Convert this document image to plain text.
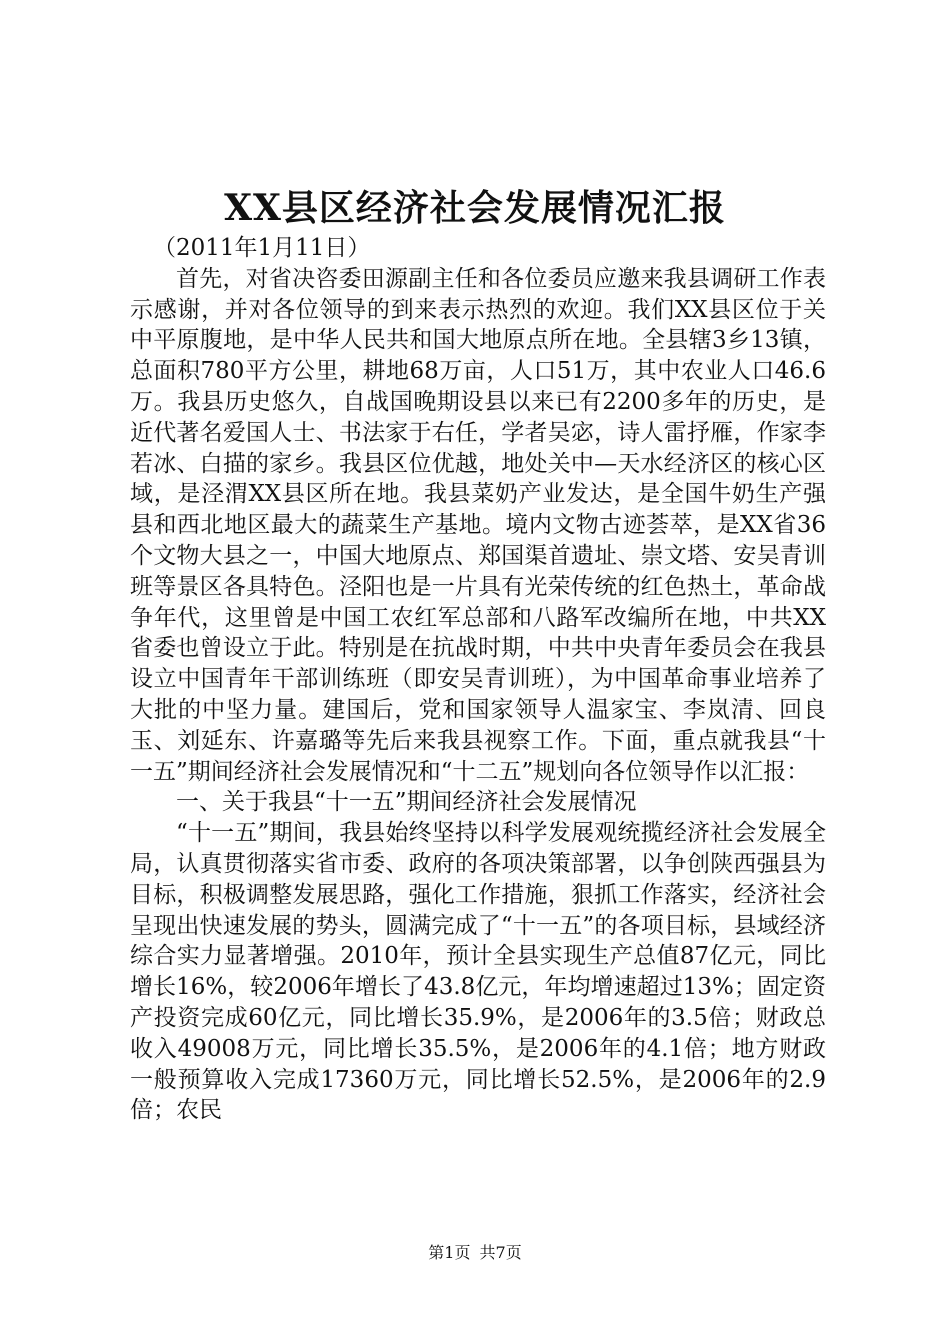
XX县区经济社会发展情况汇报

（2011年1月11日）

首先，对省决咨委田源副主任和各位委员应邀来我县调研工作表示感谢，并对各位领导的到来表示热烈的欢迎。我们XX县区位于关中平原腹地，是中华人民共和国大地原点所在地。全县辖3乡13镇，总面积780平方公里，耕地68万亩，人口51万，其中农业人口46.6万。我县历史悠久，自战国晚期设县以来已有2200多年的历史，是近代著名爱国人士、书法家于右任，学者吴宓，诗人雷抒雁，作家李若冰、白描的家乡。我县区位优越，地处关中—天水经济区的核心区域，是泾渭XX县区所在地。我县菜奶产业发达，是全国牛奶生产强县和西北地区最大的蔬菜生产基地。境内文物古迹荟萃，是XX省36个文物大县之一，中国大地原点、郑国渠首遗址、崇文塔、安吴青训班等景区各具特色。泾阳也是一片具有光荣传统的红色热土，革命战争年代，这里曾是中国工农红军总部和八路军改编所在地，中共XX省委也曾设立于此。特别是在抗战时期，中共中央青年委员会在我县设立中国青年干部训练班（即安吴青训班），为中国革命事业培养了大批的中坚力量。建国后，党和国家领导人温家宝、李岚清、回良玉、刘延东、许嘉璐等先后来我县视察工作。下面，重点就我县“十一五”期间经济社会发展情况和“十二五”规划向各位领导作以汇报：

一、关于我县“十一五”期间经济社会发展情况

“十一五”期间，我县始终坚持以科学发展观统揽经济社会发展全局，认真贯彻落实省市委、政府的各项决策部署，以争创陕西强县为目标，积极调整发展思路，强化工作措施，狠抓工作落实，经济社会呈现出快速发展的势头，圆满完成了“十一五”的各项目标，县域经济综合实力显著增强。2010年，预计全县实现生产总值87亿元，同比增长16%，较2006年增长了43.8亿元，年均增速超过13%；固定资产投资完成60亿元，同比增长35.9%，是2006年的3.5倍；财政总收入49008万元，同比增长35.5%，是2006年的4.1倍；地方财政一般预算收入完成17360万元，同比增长52.5%，是2006年的2.9倍；农民

第1页 共7页
